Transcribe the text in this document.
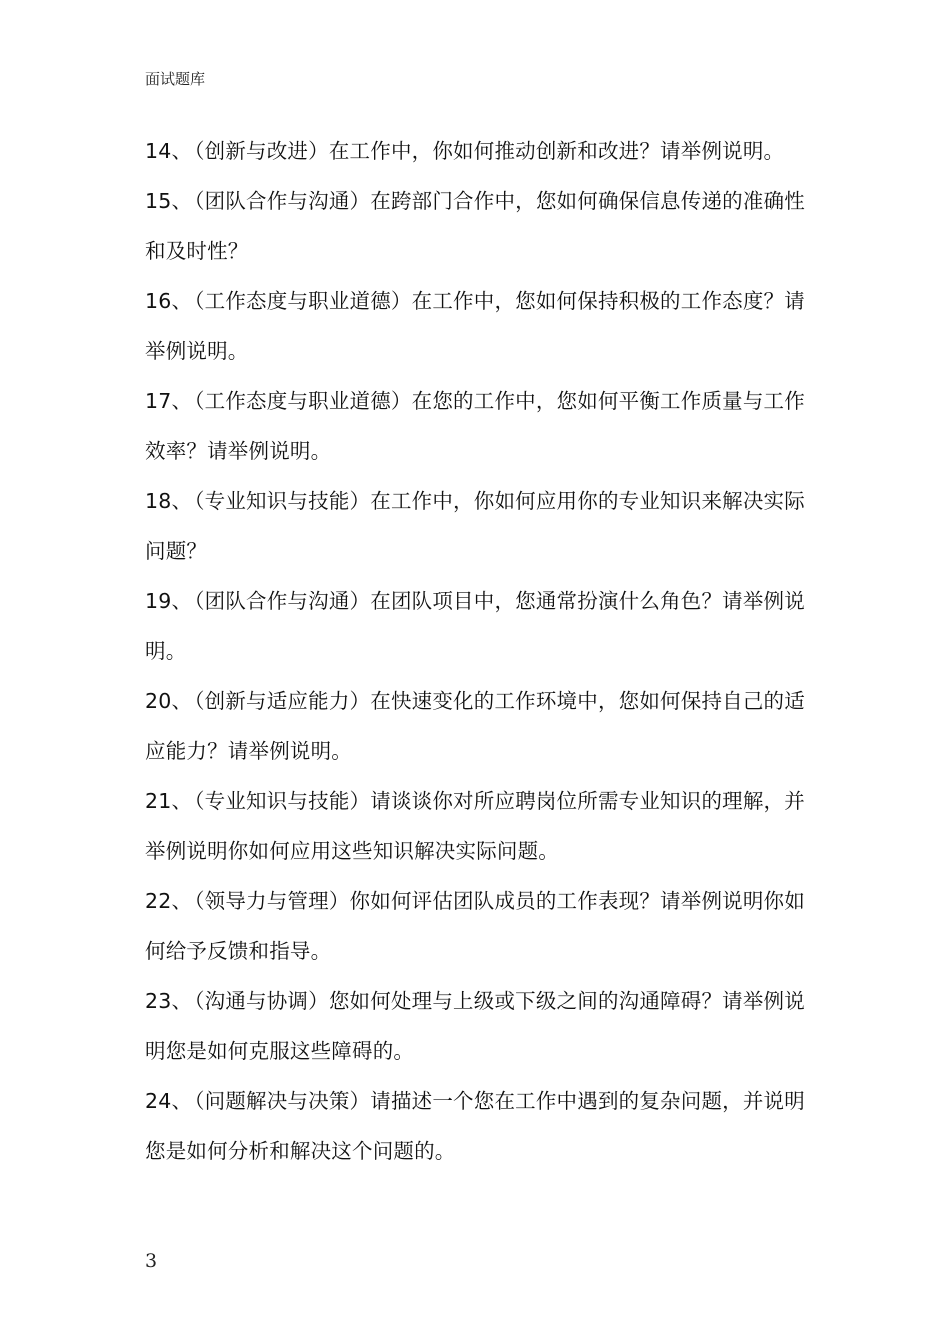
面试题库

14、（创新与改进）在工作中，你如何推动创新和改进？请举例说明。

15、（团队合作与沟通）在跨部门合作中，您如何确保信息传递的准确性和及时性？

16、（工作态度与职业道德）在工作中，您如何保持积极的工作态度？请举例说明。

17、（工作态度与职业道德）在您的工作中，您如何平衡工作质量与工作效率？请举例说明。

18、（专业知识与技能）在工作中，你如何应用你的专业知识来解决实际问题？

19、（团队合作与沟通）在团队项目中，您通常扮演什么角色？请举例说明。

20、（创新与适应能力）在快速变化的工作环境中，您如何保持自己的适应能力？请举例说明。

21、（专业知识与技能）请谈谈你对所应聘岗位所需专业知识的理解，并举例说明你如何应用这些知识解决实际问题。

22、（领导力与管理）你如何评估团队成员的工作表现？请举例说明你如何给予反馈和指导。

23、（沟通与协调）您如何处理与上级或下级之间的沟通障碍？请举例说明您是如何克服这些障碍的。

24、（问题解决与决策）请描述一个您在工作中遇到的复杂问题，并说明您是如何分析和解决这个问题的。

3
